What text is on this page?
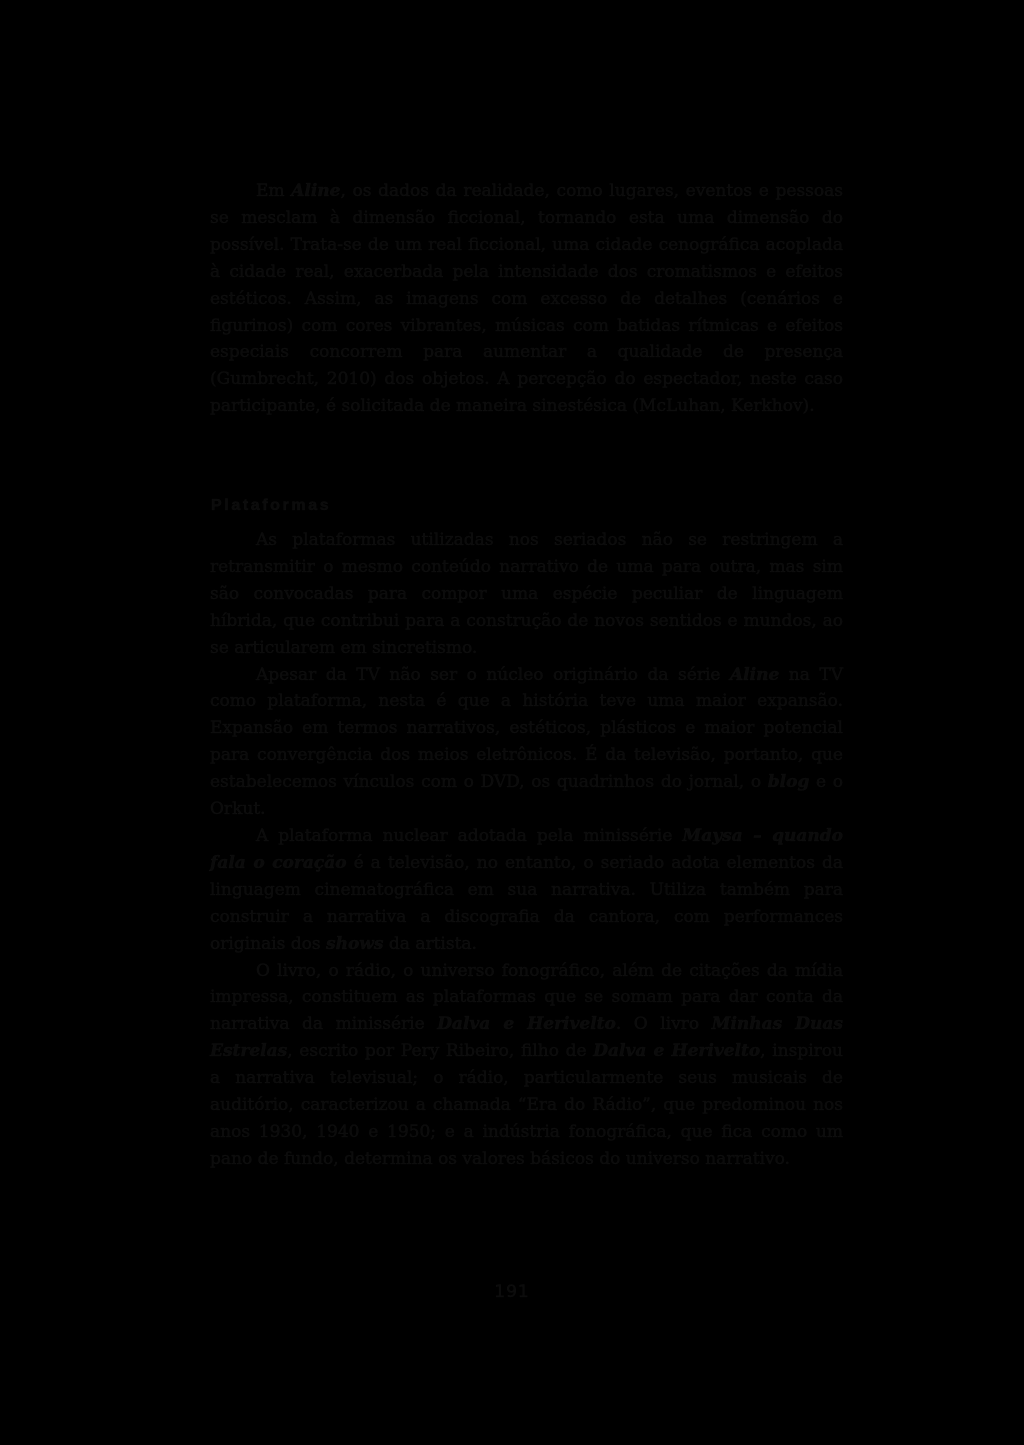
Em Aline, os dados da realidade, como lugares, eventos e pessoas se mesclam à dimensão ficcional, tornando esta uma dimensão do possível. Trata-se de um real ficcional, uma cidade cenográfica acoplada à cidade real, exacerbada pela intensidade dos cromatismos e efeitos estéticos. Assim, as imagens com excesso de detalhes (cenários e figurinos) com cores vibrantes, músicas com batidas rítmicas e efeitos especiais concorrem para aumentar a qualidade de presença (Gumbrecht, 2010) dos objetos. A percepção do espectador, neste caso participante, é solicitada de maneira sinestésica (McLuhan, Kerkhov).

Plataformas

As plataformas utilizadas nos seriados não se restringem a retransmitir o mesmo conteúdo narrativo de uma para outra, mas sim são convocadas para compor uma espécie peculiar de linguagem híbrida, que contribui para a construção de novos sentidos e mundos, ao se articularem em sincretismo.

Apesar da TV não ser o núcleo originário da série Aline na TV como plataforma, nesta é que a história teve uma maior expansão. Expansão em termos narrativos, estéticos, plásticos e maior potencial para convergência dos meios eletrônicos. É da televisão, portanto, que estabelecemos vínculos com o DVD, os quadrinhos do jornal, o blog e o Orkut.

A plataforma nuclear adotada pela minissérie Maysa – quando fala o coração é a televisão, no entanto, o seriado adota elementos da linguagem cinematográfica em sua narrativa. Utiliza também para construir a narrativa a discografia da cantora, com performances originais dos shows da artista.

O livro, o rádio, o universo fonográfico, além de citações da mídia impressa, constituem as plataformas que se somam para dar conta da narrativa da minissérie Dalva e Herivelto. O livro Minhas Duas Estrelas, escrito por Pery Ribeiro, filho de Dalva e Herivelto, inspirou a narrativa televisual; o rádio, particularmente seus musicais de auditório, caracterizou a chamada “Era do Rádio”, que predominou nos anos 1930, 1940 e 1950; e a indústria fonográfica, que fica como um pano de fundo, determina os valores básicos do universo narrativo.

191
